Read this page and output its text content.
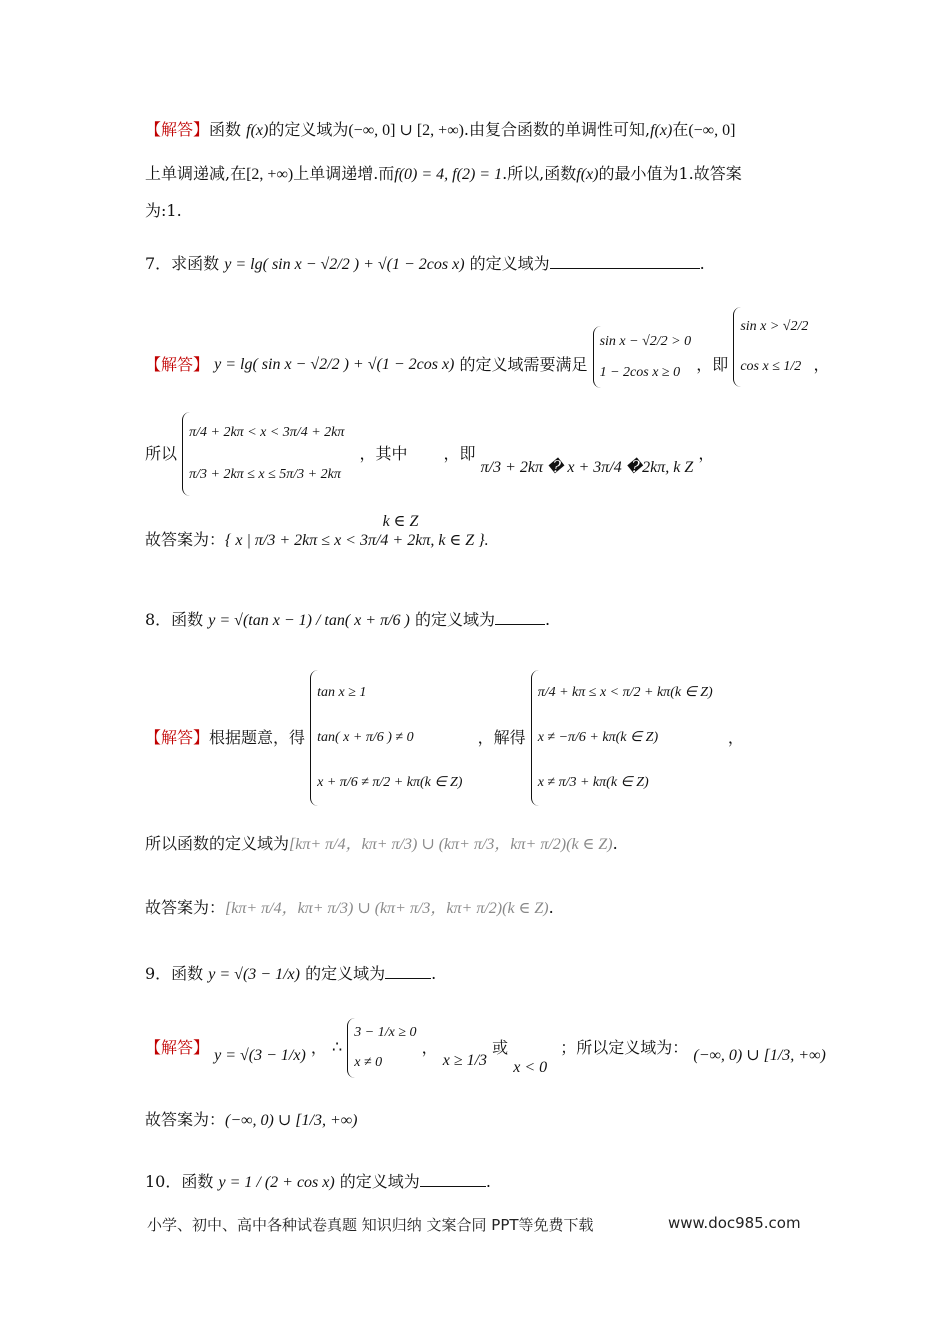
【解答】函数 f(x)的定义域为(−∞, 0] ∪ [2, +∞).由复合函数的单调性可知,f(x)在(−∞, 0]
上单调递减,在[2, +∞)上单调递增.而f(0) = 4, f(2) = 1.所以,函数f(x)的最小值为1.故答案
为:1.
7．求函数 y = lg( sin x − √2/2 ) + √(1 − 2cos x) 的定义域为	.
【解答】 y = lg( sin x − √2/2 ) + √(1 − 2cos x) 的定义域需要满足
sin x − √2/2 > 0
1 − 2cos x ≥ 0	，即
sin x > √2/2
cos x ≤ 1/2 ，
所以
π/4 + 2kπ < x < 3π/4 + 2kπ
π/3 + 2kπ ≤ x ≤ 5π/3 + 2kπ
，其中 k ∈ Z ，即 π/3 + 2kπ � x + 3π/4 �2kπ, k Z ，
故答案为：{ x | π/3 + 2kπ ≤ x < 3π/4 + 2kπ, k ∈ Z }.
8．函数 y = √(tan x − 1) / tan( x + π/6 ) 的定义域为	.
【解答】根据题意，得
tan x ≥ 1
tan( x + π/6 ) ≠ 0
x + π/6 ≠ π/2 + kπ(k ∈ Z)
，解得
π/4 + kπ ≤ x < π/2 + kπ(k ∈ Z)
x ≠ −π/6 + kπ(k ∈ Z)
x ≠ π/3 + kπ(k ∈ Z)
，
所以函数的定义域为[kπ+ π/4，kπ+ π/3) ∪ (kπ+ π/3，kπ+ π/2)(k ∈ Z).
故答案为：[kπ+ π/4，kπ+ π/3) ∪ (kπ+ π/3，kπ+ π/2)(k ∈ Z).
9．函数 y = √(3 − 1/x) 的定义域为	.
【解答】 y = √(3 − 1/x) ， ∴
3 − 1/x ≥ 0
x ≠ 0
， x ≥ 1/3 或 x < 0 ；所以定义域为： (−∞, 0) ∪ [1/3, +∞)
故答案为：(−∞, 0) ∪ [1/3, +∞)
10．函数 y = 1 / (2 + cos x) 的定义域为	.
小学、初中、高中各种试卷真题 知识归纳 文案合同 PPT等免费下载	www.doc985.com
